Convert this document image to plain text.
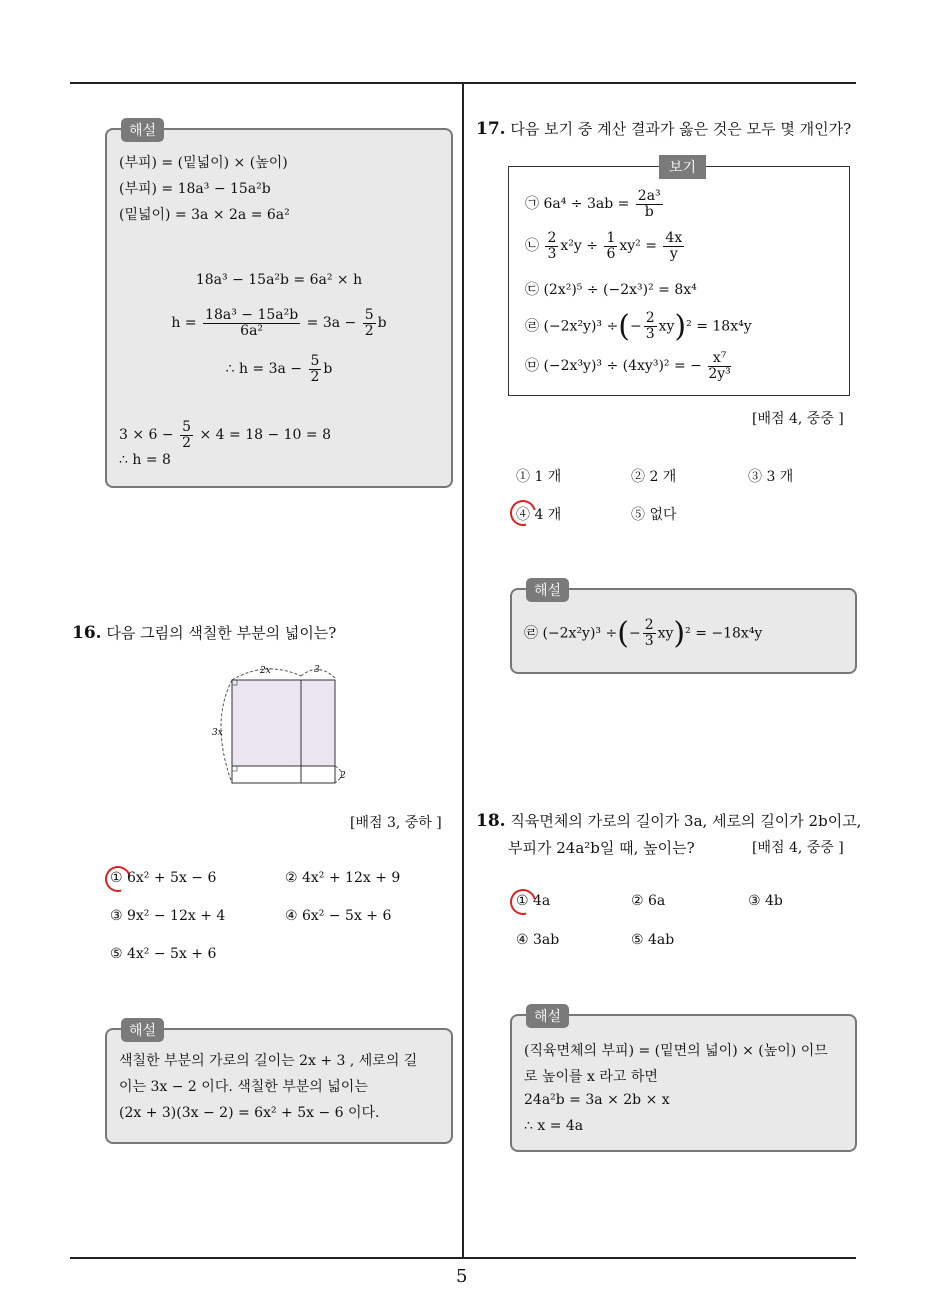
5
해설
(부피) = (밑넓이) × (높이)
(부피) = 18a³ − 15a²b
(밑넓이) = 3a × 2a = 6a²
18a³ − 15a²b = 6a² × h
$h = \frac{\text{18a³ − 15a²b}}{\text{6a²}} = 3a - \frac{5}{2}$ b
∴ $h = 3a - \frac{5}{2}$ b
$3 \times 6 - \frac{5}{2} \times 4 = 18 - 10 = 8$
∴ h = 8
16. 다음 그림의 색칠한 부분의 넓이는?
2x	3
3x
2
[배점 3, 중하 ]
① 6x² + 5x − 6	② 4x² + 12x + 9
③ 9x² − 12x + 4	④ 6x² − 5x + 6
⑤ 4x² − 5x + 6
해설
색칠한 부분의 가로의 길이는 2x + 3 , 세로의 길
이는 3x − 2 이다. 색칠한 부분의 넓이는
(2x + 3)(3x − 2) = 6x² + 5x − 6 이다.
17. 다음 보기 중 계산 결과가 옳은 것은 모두 몇 개인가?
보기
㉠ $6a^4 \div 3ab = \frac{\text{2a³}}{b}$
㉡ $\frac{2}{3} x^2y \div \frac{1}{6} xy^2 = \frac{4x}{y}$
㉢ (2x²)⁵ ÷ (−2x³)² = 8x⁴
㉣ (−2x²y)³ ÷(− $\frac{2}{3} xy)^2 = 18x^4y$
㉤ (−2x³y)³ ÷ (4xy³)² = − $\frac{\text{x⁷}}{\text{2y³}}$
[배점 4, 중중 ]
① 1 개	② 2 개	③ 3 개
④ 4 개	⑤ 없다
해설
㉣ (−2x²y)³ ÷(− $\frac{2}{3} xy)^2 = -18x^4y$
18. 직육면체의 가로의 길이가 3a, 세로의 길이가 2b이고,
부피가 24a²b일 때, 높이는?	[배점 4, 중중 ]
① 4a	② 6a	③ 4b
④ 3ab	⑤ 4ab
해설
(직육면체의 부피) = (밑면의 넓이) × (높이) 이므
로 높이를 x 라고 하면
24a²b = 3a × 2b × x
∴ x = 4a
